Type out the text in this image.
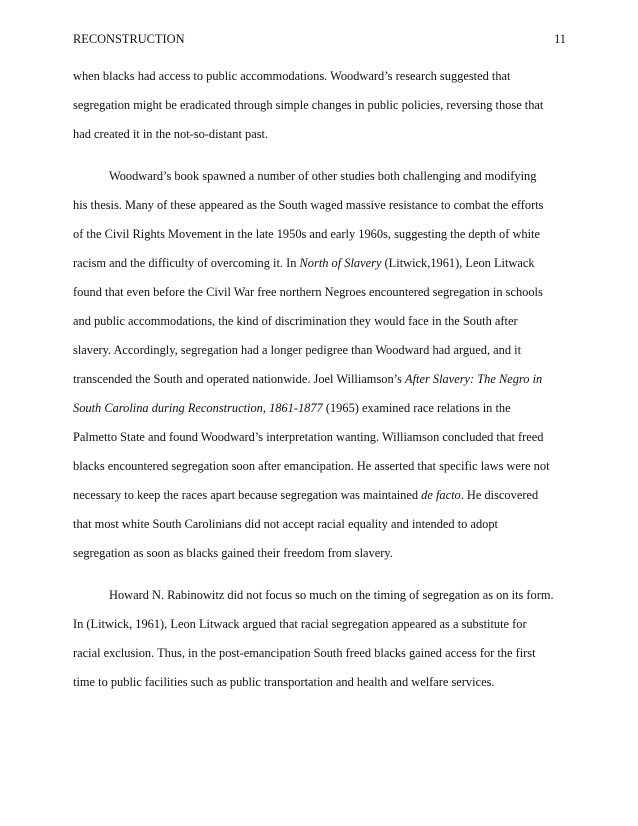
RECONSTRUCTION	11
when blacks had access to public accommodations. Woodward’s research suggested that
segregation might be eradicated through simple changes in public policies, reversing those that
had created it in the not-so-distant past.
Woodward’s book spawned a number of other studies both challenging and modifying
his thesis. Many of these appeared as the South waged massive resistance to combat the efforts
of the Civil Rights Movement in the late 1950s and early 1960s, suggesting the depth of white
racism and the difficulty of overcoming it. In North of Slavery (Litwick,1961), Leon Litwack
found that even before the Civil War free northern Negroes encountered segregation in schools
and public accommodations, the kind of discrimination they would face in the South after
slavery. Accordingly, segregation had a longer pedigree than Woodward had argued, and it
transcended the South and operated nationwide. Joel Williamson’s After Slavery: The Negro in
South Carolina during Reconstruction, 1861-1877 (1965) examined race relations in the
Palmetto State and found Woodward’s interpretation wanting. Williamson concluded that freed
blacks encountered segregation soon after emancipation. He asserted that specific laws were not
necessary to keep the races apart because segregation was maintained de facto. He discovered
that most white South Carolinians did not accept racial equality and intended to adopt
segregation as soon as blacks gained their freedom from slavery.
Howard N. Rabinowitz did not focus so much on the timing of segregation as on its form.
In (Litwick, 1961), Leon Litwack argued that racial segregation appeared as a substitute for
racial exclusion. Thus, in the post-emancipation South freed blacks gained access for the first
time to public facilities such as public transportation and health and welfare services.
